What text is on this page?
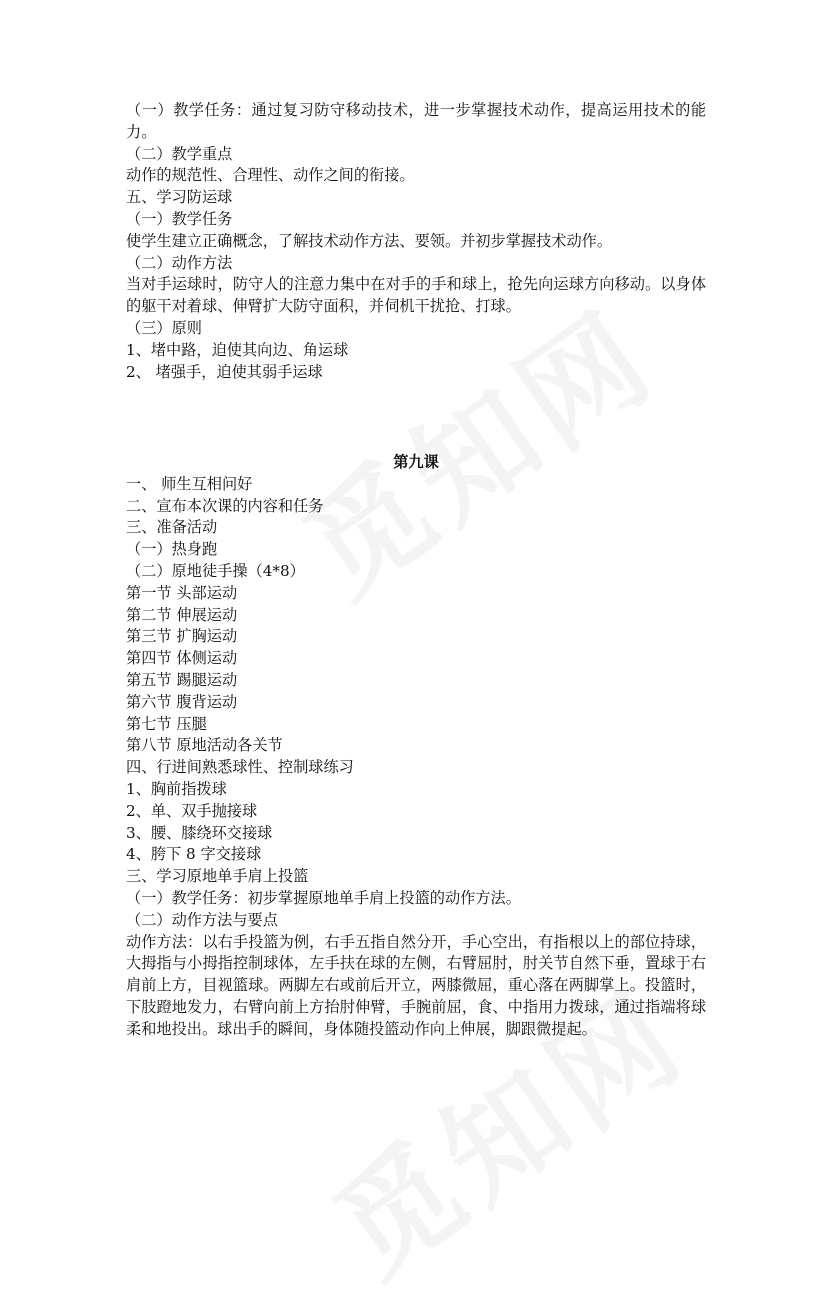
（一）教学任务：通过复习防守移动技术，进一步掌握技术动作，提高运用技术的能力。
（二）教学重点
动作的规范性、合理性、动作之间的衔接。
五、学习防运球
（一）教学任务
使学生建立正确概念，了解技术动作方法、要领。并初步掌握技术动作。
（二）动作方法
当对手运球时，防守人的注意力集中在对手的手和球上，抢先向运球方向移动。以身体的躯干对着球、伸臂扩大防守面积，并伺机干扰抢、打球。
（三）原则
1、堵中路，迫使其向边、角运球
2、 堵强手，迫使其弱手运球
第九课
一、 师生互相问好
二、宣布本次课的内容和任务
三、准备活动
（一）热身跑
（二）原地徒手操（4*8）
第一节 头部运动
第二节 伸展运动
第三节 扩胸运动
第四节 体侧运动
第五节 踢腿运动
第六节 腹背运动
第七节 压腿
第八节 原地活动各关节
四、行进间熟悉球性、控制球练习
1、胸前指拨球
2、单、双手抛接球
3、腰、膝绕环交接球
4、胯下 8 字交接球
三、学习原地单手肩上投篮
（一）教学任务：初步掌握原地单手肩上投篮的动作方法。
（二）动作方法与要点
动作方法：以右手投篮为例，右手五指自然分开，手心空出，有指根以上的部位持球，大拇指与小拇指控制球体，左手扶在球的左侧，右臂屈肘，肘关节自然下垂，置球于右肩前上方，目视篮球。两脚左右或前后开立，两膝微屈，重心落在两脚掌上。投篮时，下肢蹬地发力，右臂向前上方抬肘伸臂，手腕前屈，食、中指用力拨球，通过指端将球柔和地投出。球出手的瞬间，身体随投篮动作向上伸展，脚跟微提起。
